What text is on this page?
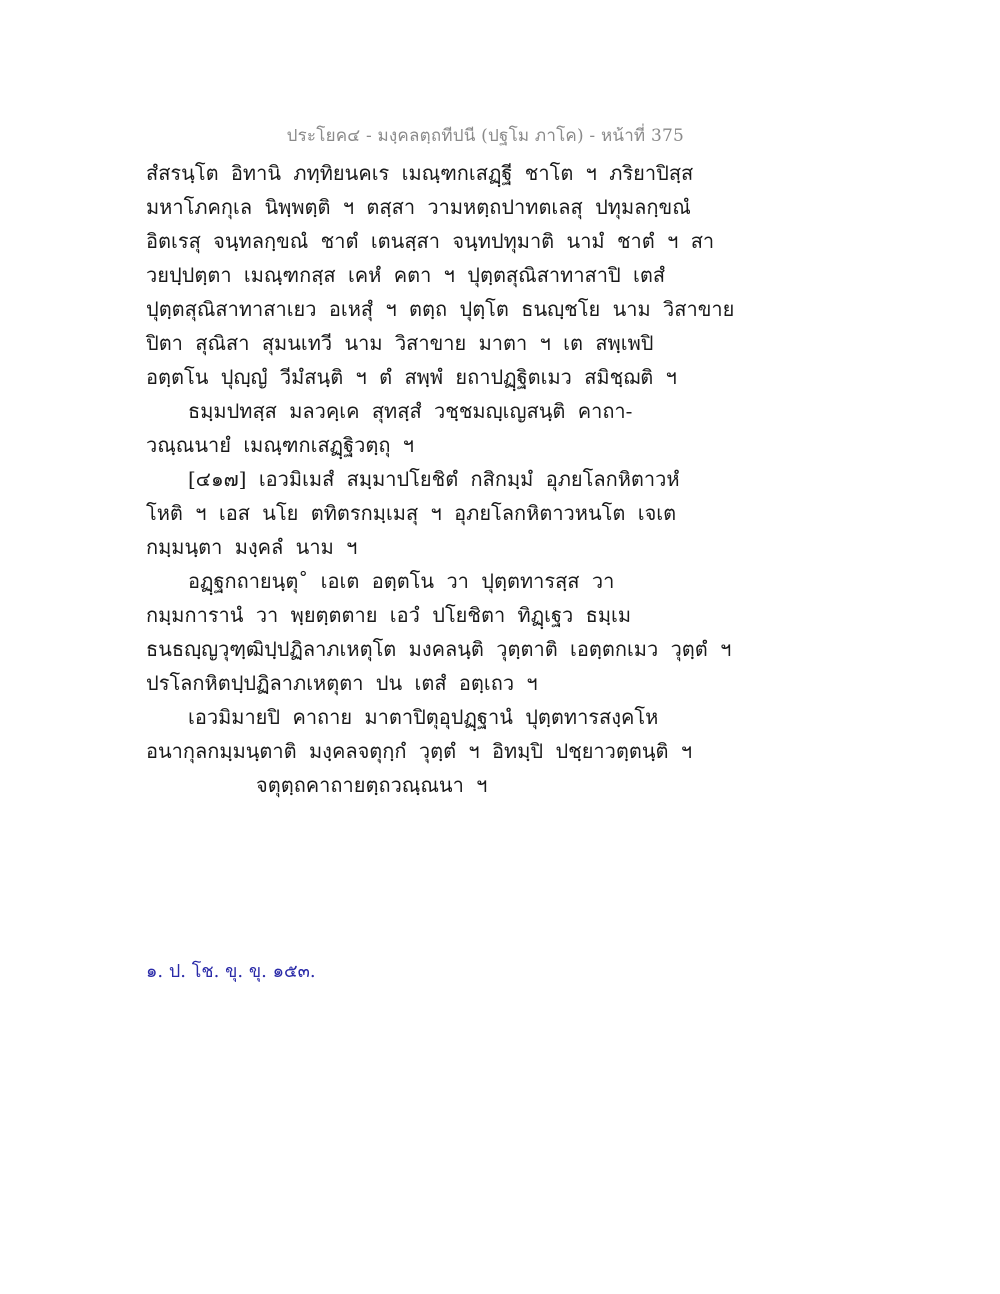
ประโยค๔ - มงฺคลตฺถทีปนี (ปฐโม ภาโค) - หน้าที่ 375
สํสรนฺโต อิทานิ ภทฺทิยนคเร เมณฺฑกเสฏฺฐี ชาโต ฯ ภริยาปิสฺส
มหาโภคกุเล นิพฺพตฺติ ฯ ตสฺสา วามหตฺถปาทตเลสุ ปทุมลกฺขณํ
อิตเรสุ จนฺทลกฺขณํ ชาตํ เตนสฺสา จนฺทปทุมาติ นามํ ชาตํ ฯ สา
วยปฺปตฺตา เมณฺฑกสฺส เคหํ คตา ฯ ปุตฺตสุณิสาทาสาปิ เตสํ
ปุตฺตสุณิสาทาสาเยว อเหสุํ ฯ ตตฺถ ปุตฺโต ธนญฺชโย นาม วิสาขาย
ปิตา สุณิสา สุมนเทวี นาม วิสาขาย มาตา ฯ เต สพฺเพปิ
อตฺตโน ปุญฺญํ วีมํสนฺติ ฯ ตํ สพฺพํ ยถาปฏฺฐิตเมว สมิชฺฌติ ฯ
ธมฺมปทสฺส มลวคฺเค สุทสฺสํ วชฺชมญฺเญสนฺติ คาถา-
วณฺณนายํ เมณฺฑกเสฏฺฐิวตฺถุ ฯ
[๔๑๗] เอวมิเมสํ สมฺมาปโยชิตํ กสิกมฺมํ อุภยโลกหิตาวหํ
โหติ ฯ เอส นโย ตทิตรกมฺเมสุ ฯ อุภยโลกหิตาวหนโต เจเต
กมฺมนฺตา มงฺคลํ นาม ฯ
อฏฺฐกถายนฺตุ˚ เอเต อตฺตโน วา ปุตฺตทารสฺส วา
กมฺมการานํ วา พฺยตฺตตาย เอวํ ปโยชิตา ทิฏฺเฐว ธมฺเม
ธนธญฺญวุฑฺฒิปฺปฏิลาภเหตุโต มงคลนฺติ วุตฺตาติ เอตฺตกเมว วุตฺตํ ฯ
ปรโลกหิตปฺปฏิลาภเหตุตา ปน เตสํ อตฺเถว ฯ
เอวมิมายปิ คาถาย มาตาปิตุอุปฏฺฐานํ ปุตฺตทารสงฺคโห
อนากุลกมฺมนฺตาติ มงฺคลจตุกฺกํ วุตฺตํ ฯ อิทมฺปิ ปชฺยาวตฺตนฺติ ฯ
จตุตฺถคาถายตฺถวณฺณนา ฯ
๑. ป. โช. ขุ. ขุ. ๑๕๓.
